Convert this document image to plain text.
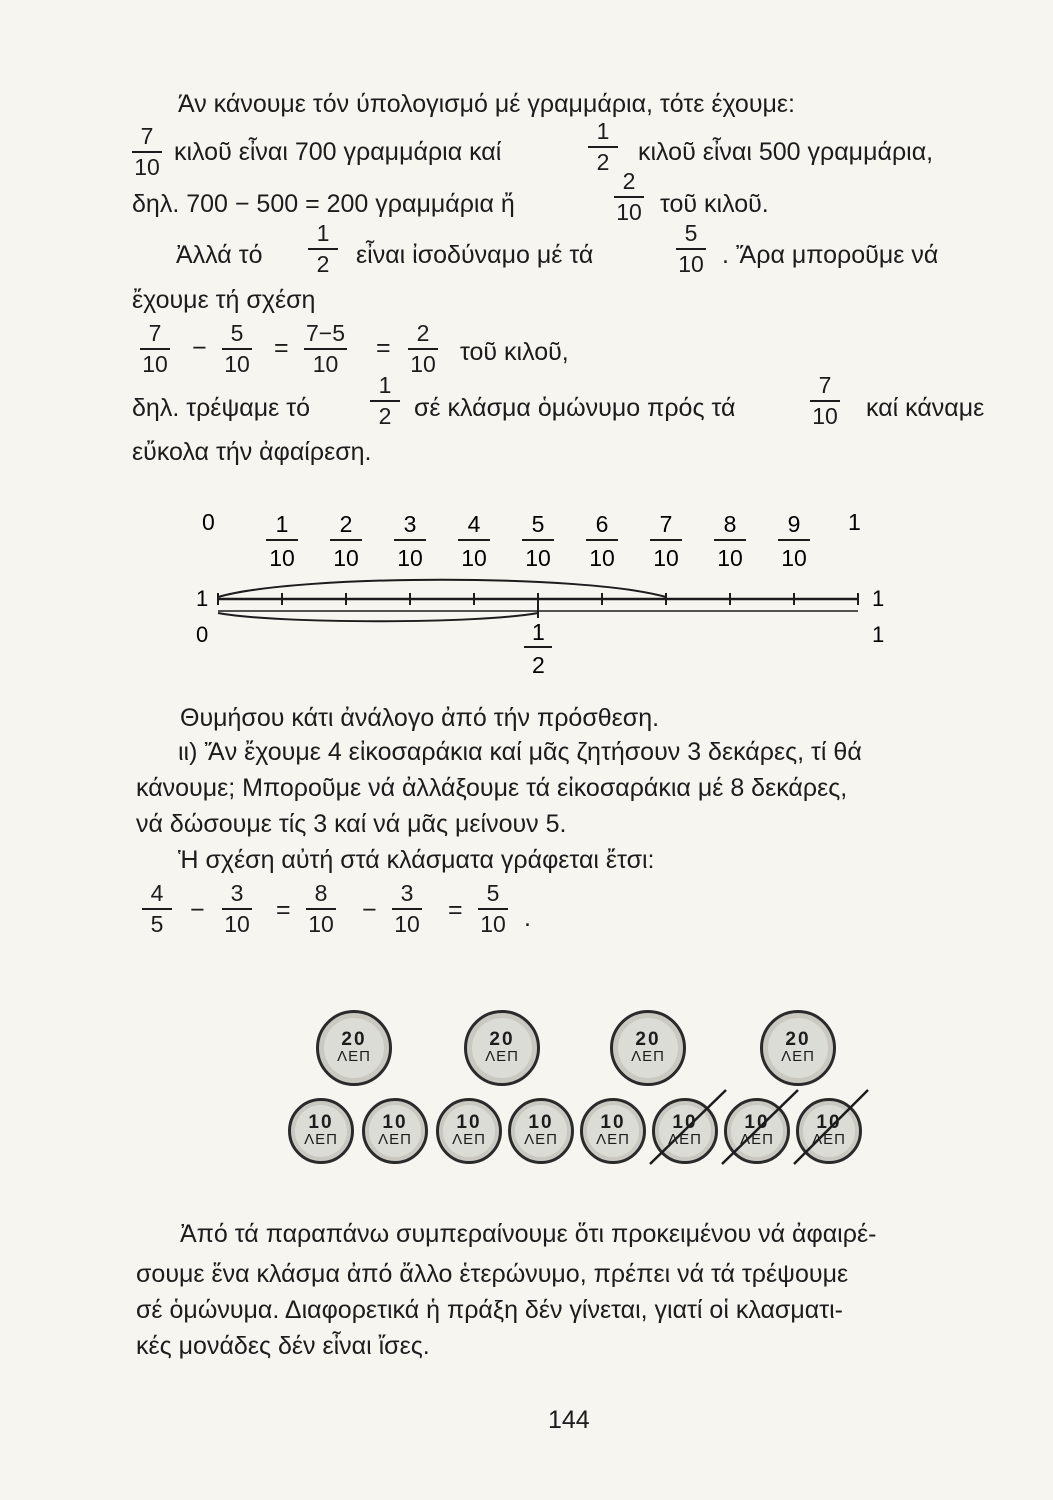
Άν κάνουμε τόν ύπολογισμό μέ γραμμάρια, τότε έχουμε:
$\frac{7}{10}$ κιλοῦ εἶναι 700 γραμμάρια καί	$\frac{1}{2}$ κιλοῦ εἶναι 500 γραμμάρια,
δηλ. 700 − 500 = 200 γραμμάρια ἤ	$\frac{2}{10}$ τοῦ κιλοῦ.
Ἀλλά τό $\frac{1}{2}$ εἶναι ἰσοδύναμο μέ τά	$\frac{5}{10}$ . Ἄρα μποροῦμε νά
ἔχουμε τή σχέση
$\frac{7}{10} - \frac{5}{10} = \frac{7-5}{10} = \frac{2}{10}$ τοῦ κιλοῦ,
δηλ. τρέψαμε τό	$\frac{1}{2}$ σέ κλάσμα ὁμώνυμο πρός τά	$\frac{7}{10}$ καί κάναμε
εὔκολα τήν ἀφαίρεση.
0	1
1
10
2
10
3
10
4
10
5
10
6
10
7
10
8
10
9
10
1	1
0	1
1
2
Θυμήσου κάτι ἀνάλογο ἀπό τήν πρόσθεση.
ιι) Ἄν ἔχουμε 4 εἰκοσαράκια καί μᾶς ζητήσουν 3 δεκάρες, τί θά
κάνουμε; Μποροῦμε νά ἀλλάξουμε τά εἰκοσαράκια μέ 8 δεκάρες,
νά δώσουμε τίς 3 καί νά μᾶς μείνουν 5.
Ἡ σχέση αὐτή στά κλάσματα γράφεται ἔτσι:
$\frac{4}{5} - \frac{3}{10} = \frac{8}{10} - \frac{3}{10} = \frac{5}{10}$ .
20
ΛΕΠ
20
ΛΕΠ
20
ΛΕΠ
20
ΛΕΠ
10
ΛΕΠ
10
ΛΕΠ
10
ΛΕΠ
10
ΛΕΠ
10
ΛΕΠ
10
ΛΕΠ
10
ΛΕΠ
10
ΛΕΠ
Ἀπό τά παραπάνω συμπεραίνουμε ὅτι προκειμένου νά ἀφαιρέ-
σουμε ἕνα κλάσμα ἀπό ἄλλο ἑτερώνυμο, πρέπει νά τά τρέψουμε
σέ ὁμώνυμα. Διαφορετικά ἡ πράξη δέν γίνεται, γιατί οἱ κλασματι-
κές μονάδες δέν εἶναι ἴσες.
144
